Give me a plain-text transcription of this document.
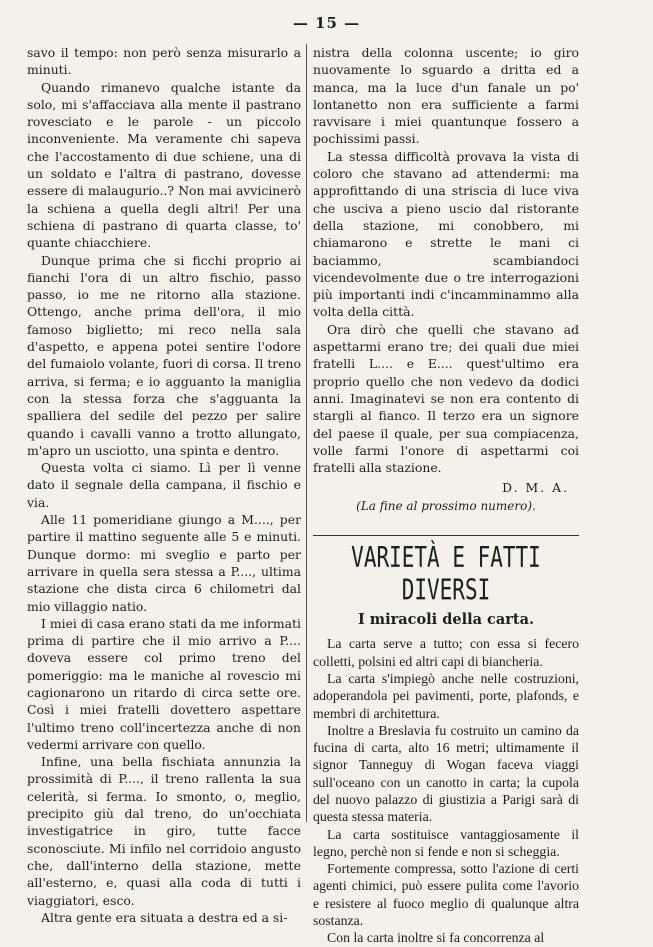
— 15 —

savo il tempo: non però senza misurarlo a minuti.

Quando rimanevo qualche istante da solo, mi s'affacciava alla mente il pastrano rovesciato e le parole - un piccolo inconveniente. Ma veramente chi sapeva che l'accostamento di due schiene, una di un soldato e l'altra di pastrano, dovesse essere di malaugurio..? Non mai avvicinerò la schiena a quella degli altri! Per una schiena di pastrano di quarta classe, to' quante chiacchiere.

Dunque prima che si ficchi proprio ai fianchi l'ora di un altro fischio, passo passo, io me ne ritorno alla stazione. Ottengo, anche prima dell'ora, il mio famoso biglietto; mi reco nella sala d'aspetto, e appena potei sentire l'odore del fumaiolo volante, fuori di corsa. Il treno arriva, si ferma; e io agguanto la maniglia con la stessa forza che s'agguanta la spalliera del sedile del pezzo per salire quando i cavalli vanno a trotto allungato, m'apro un usciotto, una spinta e dentro.

Questa volta ci siamo. Lì per lì venne dato il segnale della campana, il fischio e via.

Alle 11 pomeridiane giungo a M...., per partire il mattino seguente alle 5 e minuti. Dunque dormo: mi sveglio e parto per arrivare in quella sera stessa a P...., ultima stazione che dista circa 6 chilometri dal mio villaggio natio.

I miei di casa erano stati da me informati prima di partire che il mio arrivo a P.... doveva essere col primo treno del pomeriggio: ma le maniche al rovescio mi cagionarono un ritardo di circa sette ore. Così i miei fratelli dovettero aspettare l'ultimo treno coll'incertezza anche di non vedermi arrivare con quello.

Infine, una bella fischiata annunzia la prossimità di P...., il treno rallenta la sua celerità, si ferma. Io smonto, o, meglio, precipito giù dal treno, do un'occhiata investigatrice in giro, tutte facce sconosciute. Mi infilo nel corridoio angusto che, dall'interno della stazione, mette all'esterno, e, quasi alla coda di tutti i viaggiatori, esco.

Altra gente era situata a destra ed a si-

nistra della colonna uscente; io giro nuovamente lo sguardo a dritta ed a manca, ma la luce d'un fanale un po' lontanetto non era sufficiente a farmi ravvisare i miei quantunque fossero a pochissimi passi.

La stessa difficoltà provava la vista di coloro che stavano ad attendermi: ma approfittando di una striscia di luce viva che usciva a pieno uscio dal ristorante della stazione, mi conobbero, mi chiamarono e strette le mani ci baciammo, scambiandoci vicendevolmente due o tre interrogazioni più importanti indi c'incamminammo alla volta della città.

Ora dirò che quelli che stavano ad aspettarmi erano tre; dei quali due miei fratelli L.... e E.... quest'ultimo era proprio quello che non vedevo da dodici anni. Imaginatevi se non era contento di stargli al fianco. Il terzo era un signore del paese il quale, per sua compiacenza, volle farmi l'onore di aspettarmi coi fratelli alla stazione.

D. M. A.

(La fine al prossimo numero).

VARIETÀ E FATTI DIVERSI

I miracoli della carta.

La carta serve a tutto; con essa si fecero colletti, polsini ed altri capi di biancheria.

La carta s'impiegò anche nelle costruzioni, adoperandola pei pavimenti, porte, plafonds, e membri di architettura.

Inoltre a Breslavia fu costruito un camino da fucina di carta, alto 16 metri; ultimamente il signor Tanneguy di Wogan faceva viaggi sull'oceano con un canotto in carta; la cupola del nuovo palazzo di giustizia a Parigi sarà di questa stessa materia.

La carta sostituisce vantaggiosamente il legno, perchè non si fende e non si scheggia.

Fortemente compressa, sotto l'azione di certi agenti chimici, può essere pulita come l'avorio e resistere al fuoco meglio di qualunque altra sostanza.

Con la carta inoltre si fa concorrenza al
